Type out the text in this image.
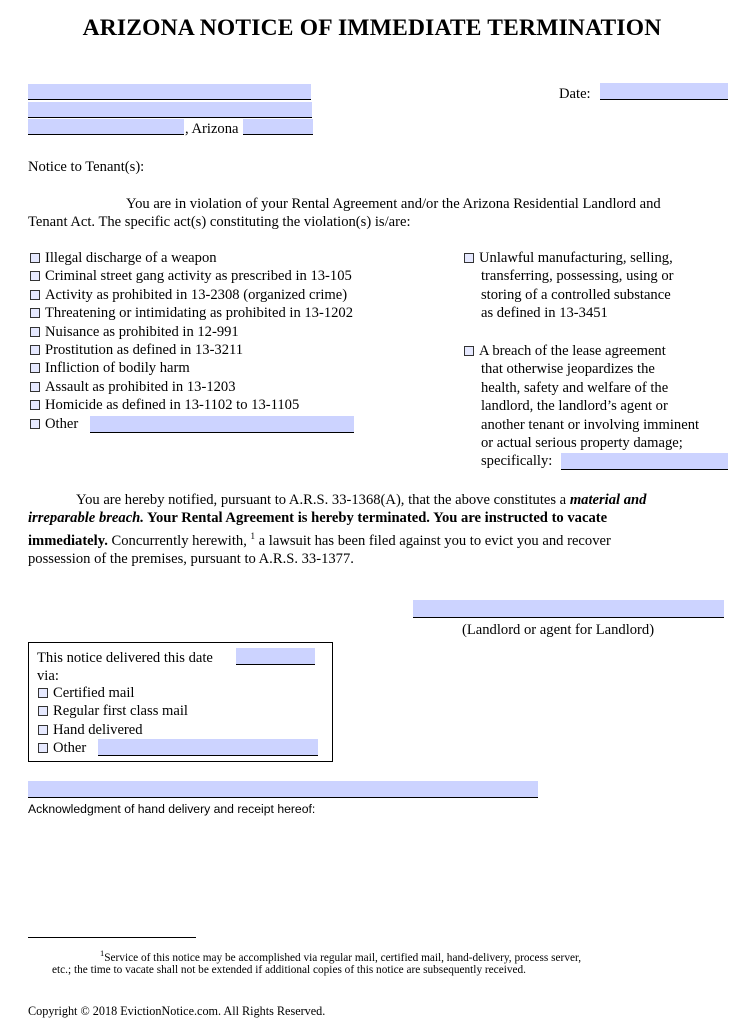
ARIZONA NOTICE OF IMMEDIATE TERMINATION
, Arizona
Date:
Notice to Tenant(s):
You are in violation of your Rental Agreement and/or the Arizona Residential Landlord and
Tenant Act. The specific act(s) constituting the violation(s) is/are:
Illegal discharge of a weapon
Criminal street gang activity as prescribed in 13-105
Activity as prohibited in 13-2308 (organized crime)
Threatening or intimidating as prohibited in 13-1202
Nuisance as prohibited in 12-991
Prostitution as defined in 13-3211
Infliction of bodily harm
Assault as prohibited in 13-1203
Homicide as defined in 13-1102 to 13-1105
Other
Unlawful manufacturing, selling,
transferring, possessing, using or
storing of a controlled substance
as defined in 13-3451
A breach of the lease agreement
that otherwise jeopardizes the
health, safety and welfare of the
landlord, the landlord’s agent or
another tenant or involving imminent
or actual serious property damage;
specifically:
You are hereby notified, pursuant to A.R.S. 33-1368(A), that the above constitutes a material and
irreparable breach. Your Rental Agreement is hereby terminated. You are instructed to vacate
immediately. Concurrently herewith, $^1$ a lawsuit has been filed against you to evict you and recover
possession of the premises, pursuant to A.R.S. 33-1377.
(Landlord or agent for Landlord)
This notice delivered this date
via:
Certified mail
Regular first class mail
Hand delivered
Other
Acknowledgment of hand delivery and receipt hereof:
$^1$Service of this notice may be accomplished via regular mail, certified mail, hand-delivery, process server,
etc.; the time to vacate shall not be extended if additional copies of this notice are subsequently received.
Copyright © 2018 EvictionNotice.com. All Rights Reserved.
